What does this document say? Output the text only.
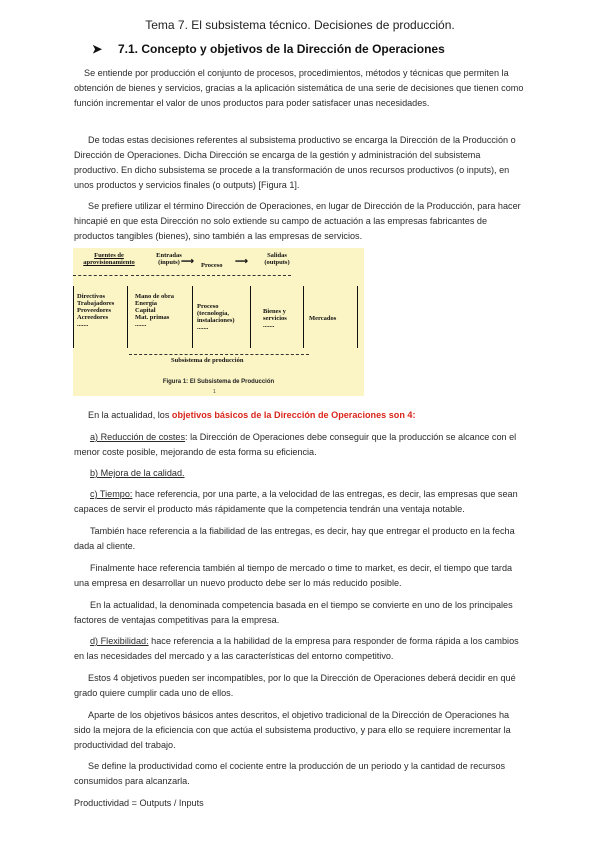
Tema 7. El subsistema técnico. Decisiones de producción.
➤ 7.1. Concepto y objetivos de la Dirección de Operaciones
Se entiende por producción el conjunto de procesos, procedimientos, métodos y técnicas que permiten la obtención de bienes y servicios, gracias a la aplicación sistemática de una serie de decisiones que tienen como función incrementar el valor de unos productos para poder satisfacer unas necesidades.
De todas estas decisiones referentes al subsistema productivo se encarga la Dirección de la Producción o Dirección de Operaciones. Dicha Dirección se encarga de la gestión y administración del subsistema productivo. En dicho subsistema se procede a la transformación de unos recursos productivos (o inputs), en unos productos y servicios finales (o outputs) [Figura 1].
Se prefiere utilizar el término Dirección de Operaciones, en lugar de Dirección de la Producción, para hacer hincapié en que esta Dirección no solo extiende su campo de actuación a las empresas fabricantes de productos tangibles (bienes), sino también a las empresas de servicios.
Fuentes de
aprovisionamiento
Entradas
(inputs) ⟶ Proceso ⟶
Salidas
(outputs)
Directivos
Trabajadores
Proveedores
Acreedores
.......
Mano de obra
Energía
Capital
Mat. primas
.......
Proceso
(tecnología,
instalaciones)
.......
Bienes y
servicios
.......
Mercados
Subsistema de producción
Figura 1: El Subsistema de Producción
1
En la actualidad, los objetivos básicos de la Dirección de Operaciones son 4:
a) Reducción de costes: la Dirección de Operaciones debe conseguir que la producción se alcance con el menor coste posible, mejorando de esta forma su eficiencia.
b) Mejora de la calidad.
c) Tiempo: hace referencia, por una parte, a la velocidad de las entregas, es decir, las empresas que sean capaces de servir el producto más rápidamente que la competencia tendrán una ventaja notable.
También hace referencia a la fiabilidad de las entregas, es decir, hay que entregar el producto en la fecha dada al cliente.
Finalmente hace referencia también al tiempo de mercado o time to market, es decir, el tiempo que tarda una empresa en desarrollar un nuevo producto debe ser lo más reducido posible.
En la actualidad, la denominada competencia basada en el tiempo se convierte en uno de los principales factores de ventajas competitivas para la empresa.
d) Flexibilidad: hace referencia a la habilidad de la empresa para responder de forma rápida a los cambios en las necesidades del mercado y a las características del entorno competitivo.
Estos 4 objetivos pueden ser incompatibles, por lo que la Dirección de Operaciones deberá decidir en qué grado quiere cumplir cada uno de ellos.
Aparte de los objetivos básicos antes descritos, el objetivo tradicional de la Dirección de Operaciones ha sido la mejora de la eficiencia con que actúa el subsistema productivo, y para ello se requiere incrementar la productividad del trabajo.
Se define la productividad como el cociente entre la producción de un periodo y la cantidad de recursos consumidos para alcanzarla.
Productividad = Outputs / Inputs
